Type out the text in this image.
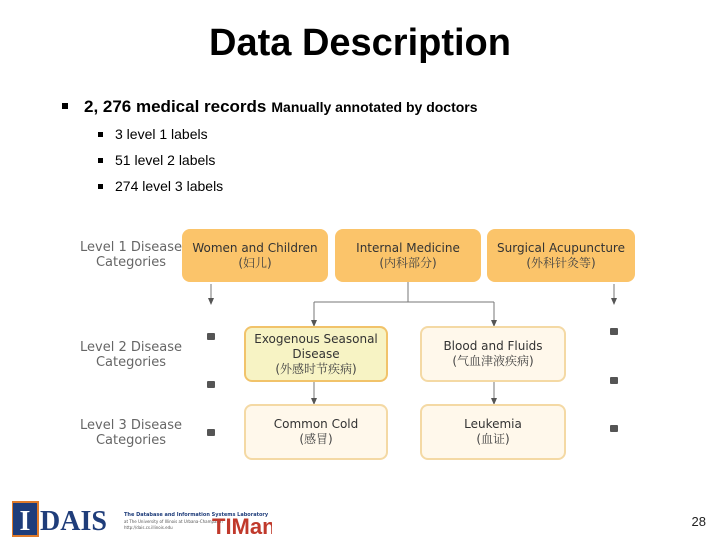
Data Description
2, 276 medical records Manually annotated by doctors
3 level 1 labels
51 level 2 labels
274 level 3 labels
Level 1 Disease
Categories
Level 2 Disease
Categories
Level 3 Disease
Categories
Women and Children
(妇儿)
Internal Medicine
(内科部分)
Surgical Acupuncture
(外科针灸等)
Exogenous Seasonal
Disease
(外感时节疾病)
Blood and Fluids
(气血津液疾病)
Common Cold
(感冒)
Leukemia
(血证)
I DAIS	The Database and Information Systems Laboratory
at The University of Illinois at Urbana-Champaign
http://dais.cs.illinois.edu TIMan	28
